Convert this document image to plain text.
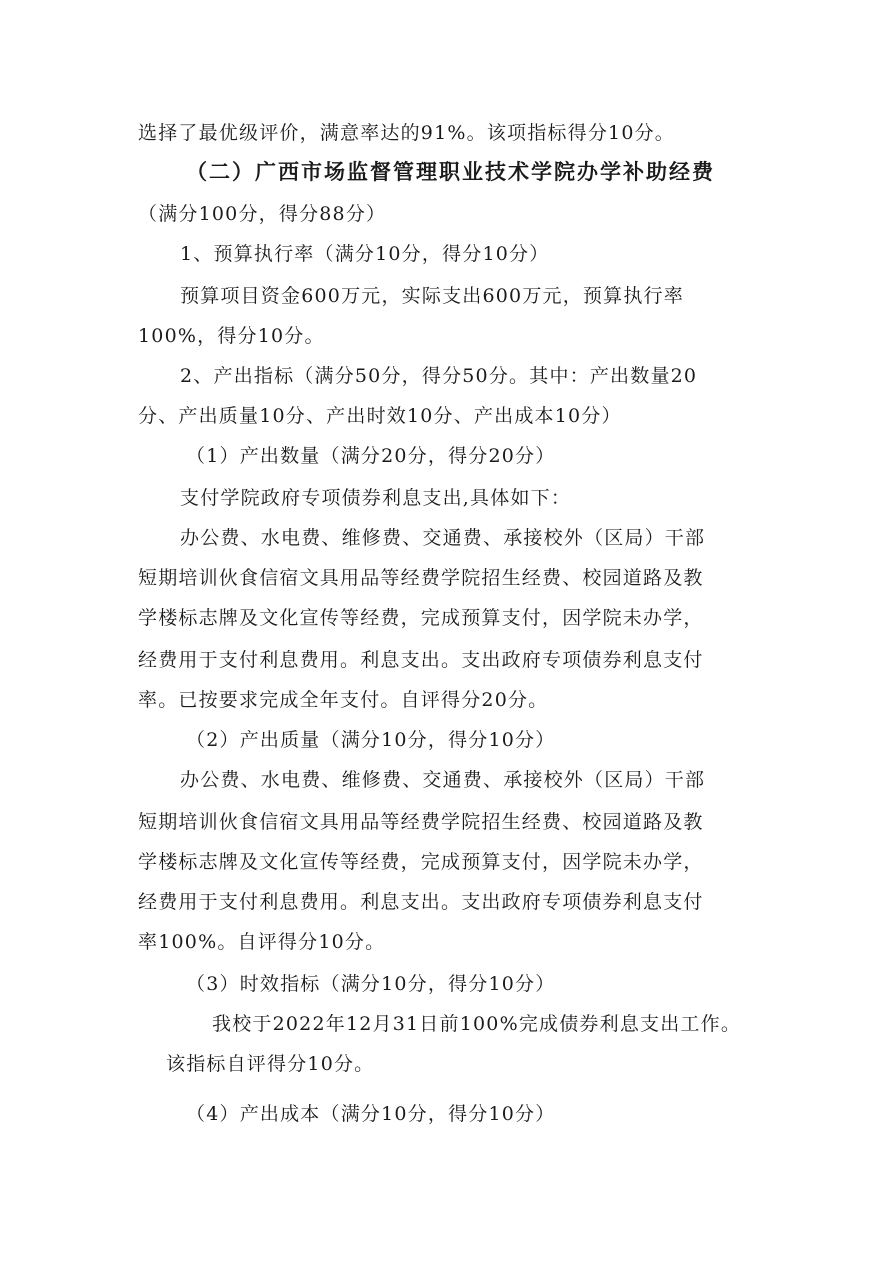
选择了最优级评价，满意率达的91%。该项指标得分10分。
（二）广西市场监督管理职业技术学院办学补助经费
（满分100分，得分88分）
1、预算执行率（满分10分，得分10分）
预算项目资金600万元，实际支出600万元，预算执行率
100%，得分10分。
2、产出指标（满分50分，得分50分。其中：产出数量20
分、产出质量10分、产出时效10分、产出成本10分）
（1）产出数量（满分20分，得分20分）
支付学院政府专项债券利息支出,具体如下：
办公费、水电费、维修费、交通费、承接校外（区局）干部
短期培训伙食信宿文具用品等经费学院招生经费、校园道路及教
学楼标志牌及文化宣传等经费，完成预算支付，因学院未办学，
经费用于支付利息费用。利息支出。支出政府专项债券利息支付
率。已按要求完成全年支付。自评得分20分。
（2）产出质量（满分10分，得分10分）
办公费、水电费、维修费、交通费、承接校外（区局）干部
短期培训伙食信宿文具用品等经费学院招生经费、校园道路及教
学楼标志牌及文化宣传等经费，完成预算支付，因学院未办学，
经费用于支付利息费用。利息支出。支出政府专项债券利息支付
率100%。自评得分10分。
（3）时效指标（满分10分，得分10分）
我校于2022年12月31日前100%完成债券利息支出工作。
该指标自评得分10分。
（4）产出成本（满分10分，得分10分）
